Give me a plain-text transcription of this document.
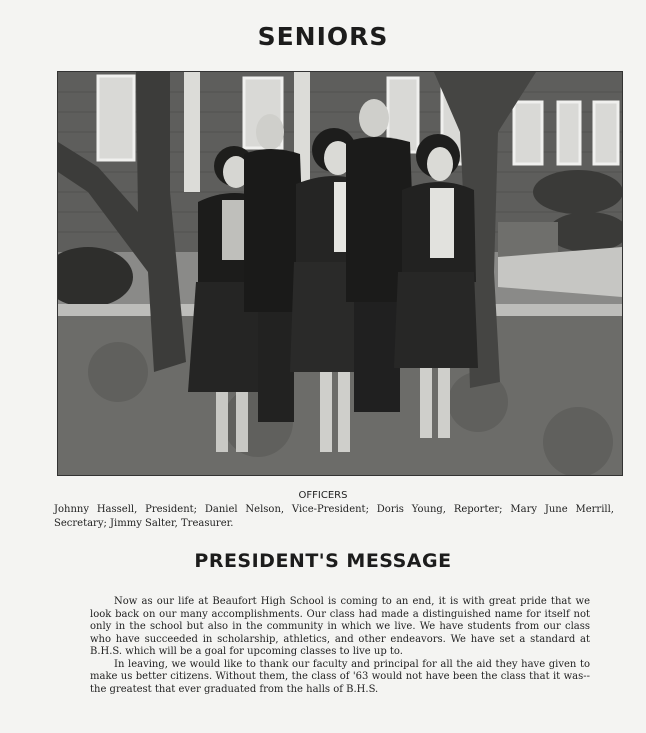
SENIORS
OFFICERS
Johnny Hassell, President; Daniel Nelson, Vice-President; Doris Young, Reporter; Mary June Merrill, Secretary; Jimmy Salter, Treasurer.
PRESIDENT'S MESSAGE

Now as our life at Beaufort High School is coming to an end, it is with great pride that we look back on our many accomplishments. Our class had made a distinguished name for itself not only in the school but also in the community in which we live. We have students from our class who have succeeded in scholarship, athletics, and other endeavors. We have set a standard at B.H.S. which will be a goal for upcoming classes to live up to.

In leaving, we would like to thank our faculty and principal for all the aid they have given to make us better citizens. Without them, the class of '63 would not have been the class that it was--the greatest that ever graduated from the halls of B.H.S.
